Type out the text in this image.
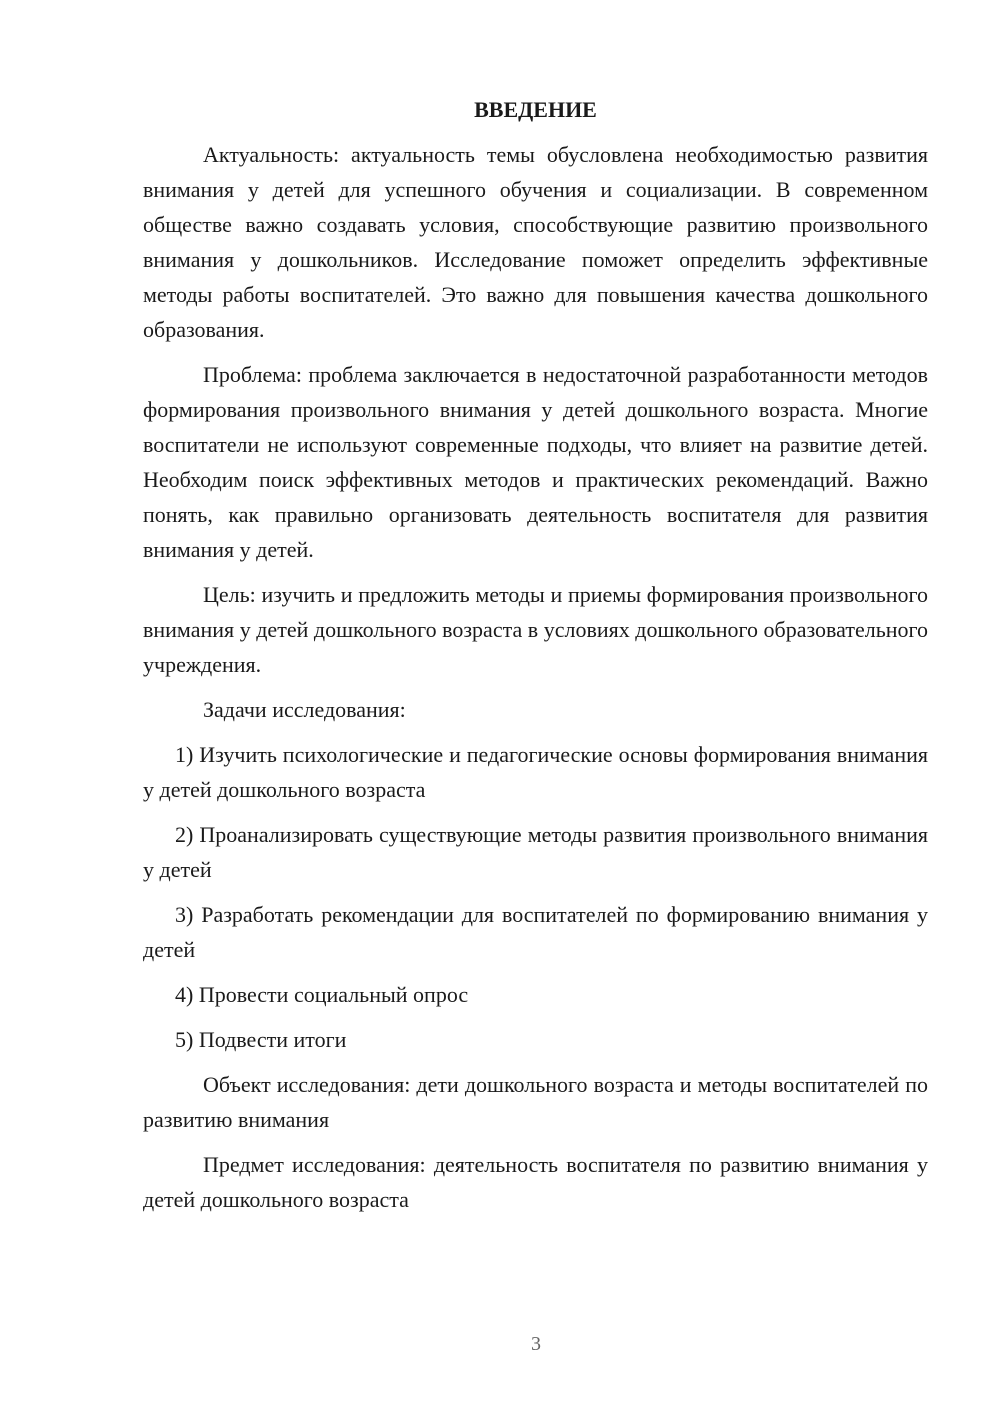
ВВЕДЕНИЕ

Актуальность: актуальность темы обусловлена необходимостью развития внимания у детей для успешного обучения и социализации. В современном обществе важно создавать условия, способствующие развитию произвольного внимания у дошкольников. Исследование поможет определить эффективные методы работы воспитателей. Это важно для повышения качества дошкольного образования.

Проблема: проблема заключается в недостаточной разработанности методов формирования произвольного внимания у детей дошкольного возраста. Многие воспитатели не используют современные подходы, что влияет на развитие детей. Необходим поиск эффективных методов и практических рекомендаций. Важно понять, как правильно организовать деятельность воспитателя для развития внимания у детей.

Цель: изучить и предложить методы и приемы формирования произвольного внимания у детей дошкольного возраста в условиях дошкольного образовательного учреждения.

Задачи исследования:

1) Изучить психологические и педагогические основы формирования внимания у детей дошкольного возраста

2) Проанализировать существующие методы развития произвольного внимания у детей

3) Разработать рекомендации для воспитателей по формированию внимания у детей

4) Провести социальный опрос

5) Подвести итоги

Объект исследования: дети дошкольного возраста и методы воспитателей по развитию внимания

Предмет исследования: деятельность воспитателя по развитию внимания у детей дошкольного возраста

3
